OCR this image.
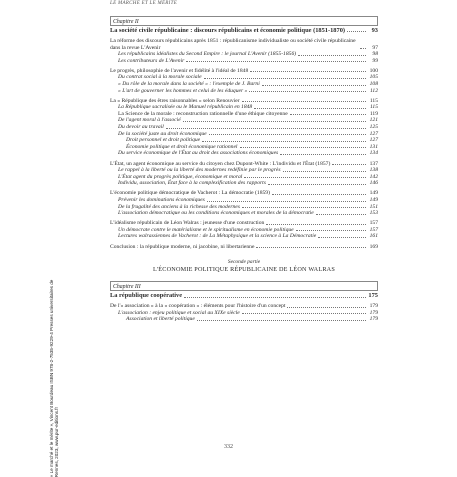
LE MARCHÉ ET LE MÉRITE
Chapitre II
La société civile républicaine : discours républicains et économie politique (1851-1870)	93
La réforme des discours républicains après 1851 : républicanisme individualiste ou société civile républicaine dans la revue L'Avenir	97
Les républicains idéalistes du Second Empire : le journal L'Avenir (1855-1856)	98
Les contributeurs de L'Avenir	99
Le progrès, philosophie de l'avenir et fidélité à l'idéal de 1848	100
Du contrat social à la morale sociale	105
« Du rôle de la morale dans la société » : l'exemple de J. Barni	108
« L'art de gouverner les hommes et celui de les éduquer »	112
La « République des êtres raisonnables » selon Renouvier	115
La République sacralisée ou le Manuel républicain en 1848	115
La Science de la morale : reconstruction rationnelle d'une éthique citoyenne	119
De l'agent moral à l'associé	121
Du devoir au travail	125
De la société juste au droit économique	127
Droit personnel et droit politique	127
Économie politique et droit économique rationnel	131
Du service économique de l'État au droit des associations économiques	134
L'État, un agent économique au service du citoyen chez Dupont-White : L'individu et l'État (1857)	137
Le rappel à la liberté ou la liberté des modernes redéfinie par le progrès	138
L'État agent du progrès politique, économique et moral	142
Individu, association, État face à la complexification des rapports	146
L'économie politique démocratique de Vacherot : La démocratie (1859)	149
Prévenir les dominations économiques	149
De la frugalité des anciens à la richesse des modernes	151
L'association démocratique ou les conditions économiques et morales de la démocratie	153
L'idéalisme républicain de Léon Walras : jeunesse d'une construction	157
Un démocrate contre le matérialisme et le spiritualisme en économie politique	157
Lectures walrassiennes de Vacherot : de La Métaphysique et la science à La Démocratie	161
Conclusion : la république moderne, ni jacobine, ni libertarienne	169
Seconde partie
L'ÉCONOMIE POLITIQUE RÉPUBLICAINE DE LÉON WALRAS
Chapitre III
La république coopérative	175
De l'« association » à la « coopération » : éléments pour l'histoire d'un concept	179
L'association : enjeu politique et social au XIXe siècle	179
Association et liberté politique	179
« Le marché et le mérite », Vincent Bourdeau ISBN 978-2-7535-9229-4 Presses universitaires de Rennes, 2023, www.pur-editions.fr	332
